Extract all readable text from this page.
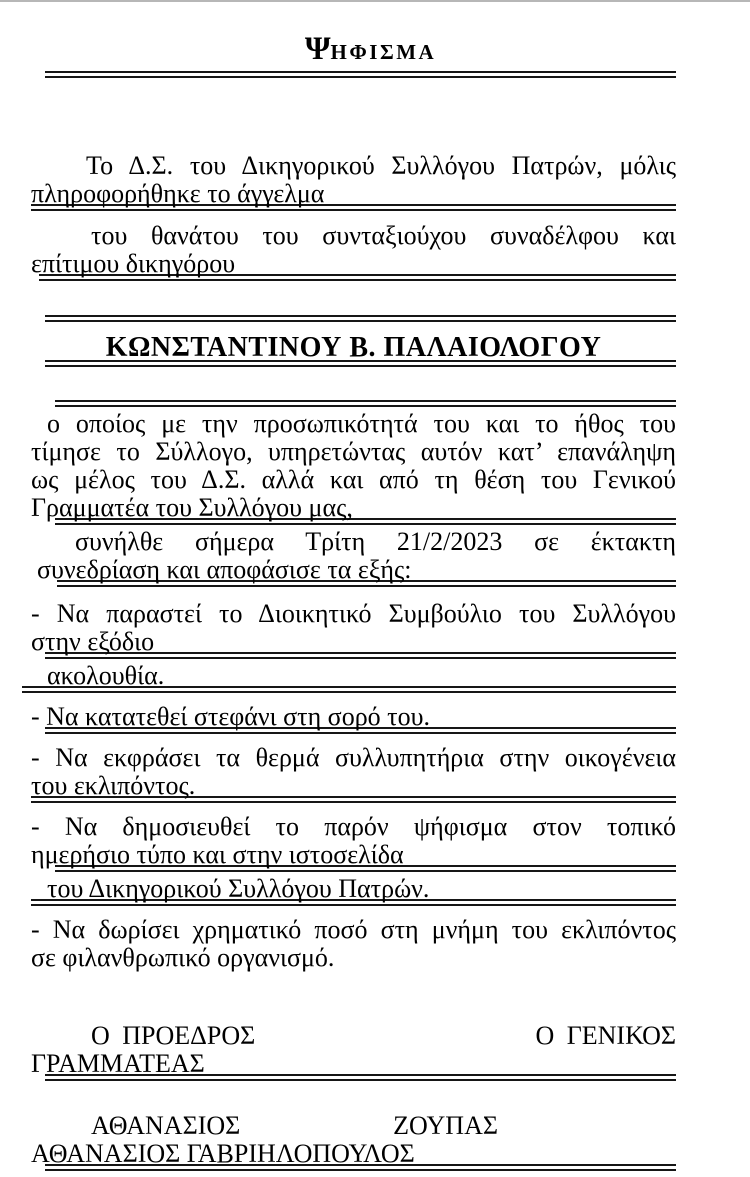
ΨΗΦΙΣΜΑ
Το Δ.Σ. του Δικηγορικού Συλλόγου Πατρών, μόλις
πληροφορήθηκε το άγγελμα
του θανάτου του συνταξιούχου συναδέλφου και
επίτιμου δικηγόρου
ΚΩΝΣΤΑΝΤΙΝΟΥ Β. ΠΑΛΑΙΟΛΟΓΟΥ
ο οποίος με την προσωπικότητά του και το ήθος του
τίμησε το Σύλλογο, υπηρετώντας αυτόν κατ’ επανάληψη
ως μέλος του Δ.Σ. αλλά και από τη θέση του Γενικού
Γραμματέα του Συλλόγου μας,
συνήλθε σήμερα Τρίτη 21/2/2023 σε έκτακτη
συνεδρίαση και αποφάσισε τα εξής:
- Να παραστεί το Διοικητικό Συμβούλιο του Συλλόγου
στην εξόδιο
ακολουθία.
- Να κατατεθεί στεφάνι στη σορό του.
- Να εκφράσει τα θερμά συλλυπητήρια στην οικογένεια
του εκλιπόντος.
- Να δημοσιευθεί το παρόν ψήφισμα στον τοπικό
ημερήσιο τύπο και στην ιστοσελίδα
του Δικηγορικού Συλλόγου Πατρών.
- Να δωρίσει χρηματικό ποσό στη μνήμη του εκλιπόντος
σε φιλανθρωπικό οργανισμό.
Ο ΠΡΟΕΔΡΟΣ	Ο ΓΕΝΙΚΟΣ
ΓΡΑΜΜΑΤΕΑΣ
ΑΘΑΝΑΣΙΟΣ	ΖΟΥΠΑΣ
ΑΘΑΝΑΣΙΟΣ ΓΑΒΡΙΗΛΟΠΟΥΛΟΣ
